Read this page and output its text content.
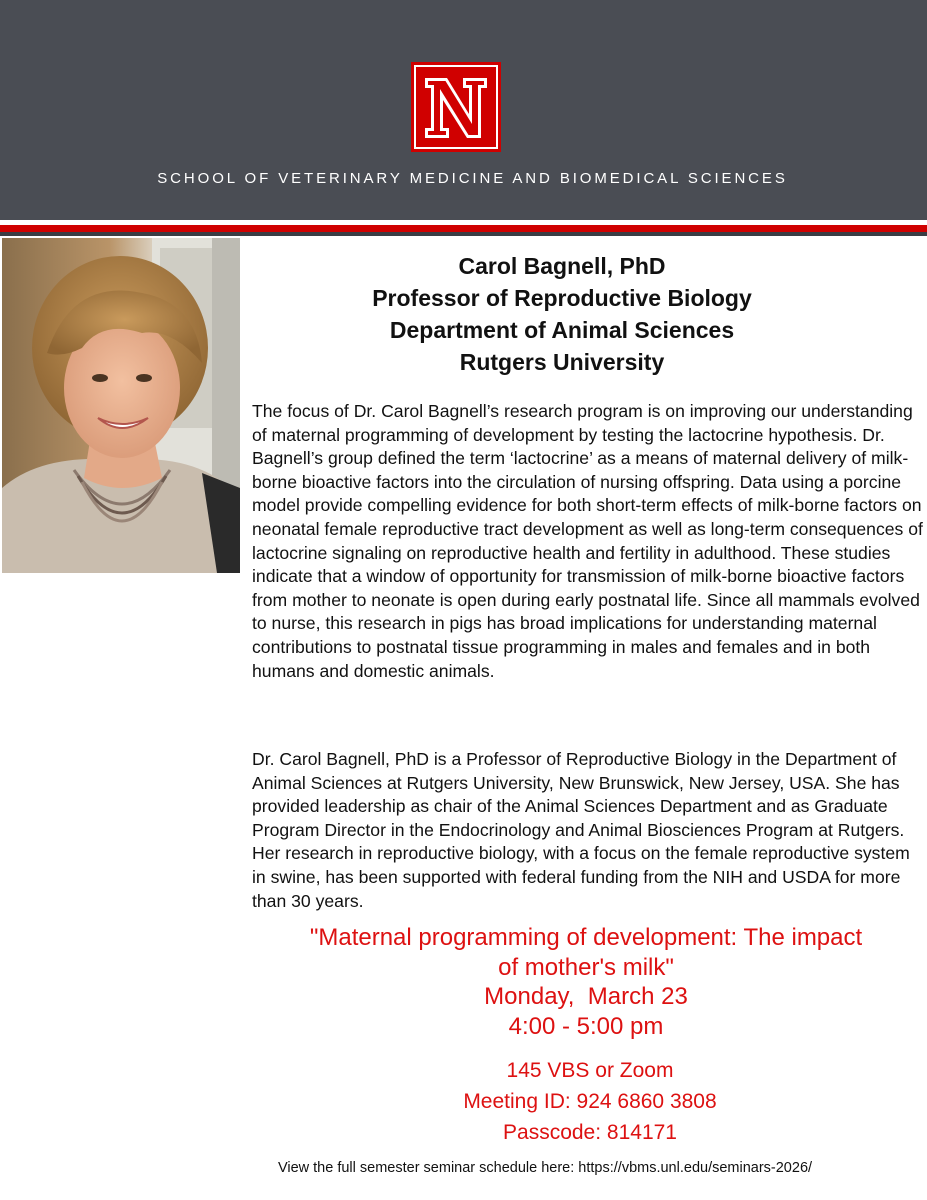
SCHOOL OF VETERINARY MEDICINE AND BIOMEDICAL SCIENCES
Carol Bagnell, PhD
Professor of Reproductive Biology
Department of Animal Sciences
Rutgers University

The focus of Dr. Carol Bagnell’s research program is on improving our understanding of maternal programming of development by testing the lactocrine hypothesis. Dr. Bagnell’s group defined the term ‘lactocrine’ as a means of maternal delivery of milk-borne bioactive factors into the circulation of nursing offspring. Data using a porcine model provide compelling evidence for both short-term effects of milk-borne factors on neonatal female reproductive tract development as well as long-term consequences of lactocrine signaling on reproductive health and fertility in adulthood. These studies indicate that a window of opportunity for transmission of milk-borne bioactive factors from mother to neonate is open during early postnatal life. Since all mammals evolved to nurse, this research in pigs has broad implications for understanding maternal contributions to postnatal tissue programming in males and females and in both humans and domestic animals.

Dr. Carol Bagnell, PhD is a Professor of Reproductive Biology in the Department of Animal Sciences at Rutgers University, New Brunswick, New Jersey, USA. She has provided leadership as chair of the Animal Sciences Department and as Graduate Program Director in the Endocrinology and Animal Biosciences Program at Rutgers. Her research in reproductive biology, with a focus on the female reproductive system in swine, has been supported with federal funding from the NIH and USDA for more than 30 years.

"Maternal programming of development: The impact
of mother's milk"
Monday,  March 23
4:00 - 5:00 pm
145 VBS or Zoom
Meeting ID: 924 6860 3808
Passcode: 814171
View the full semester seminar schedule here: https://vbms.unl.edu/seminars-2026/
